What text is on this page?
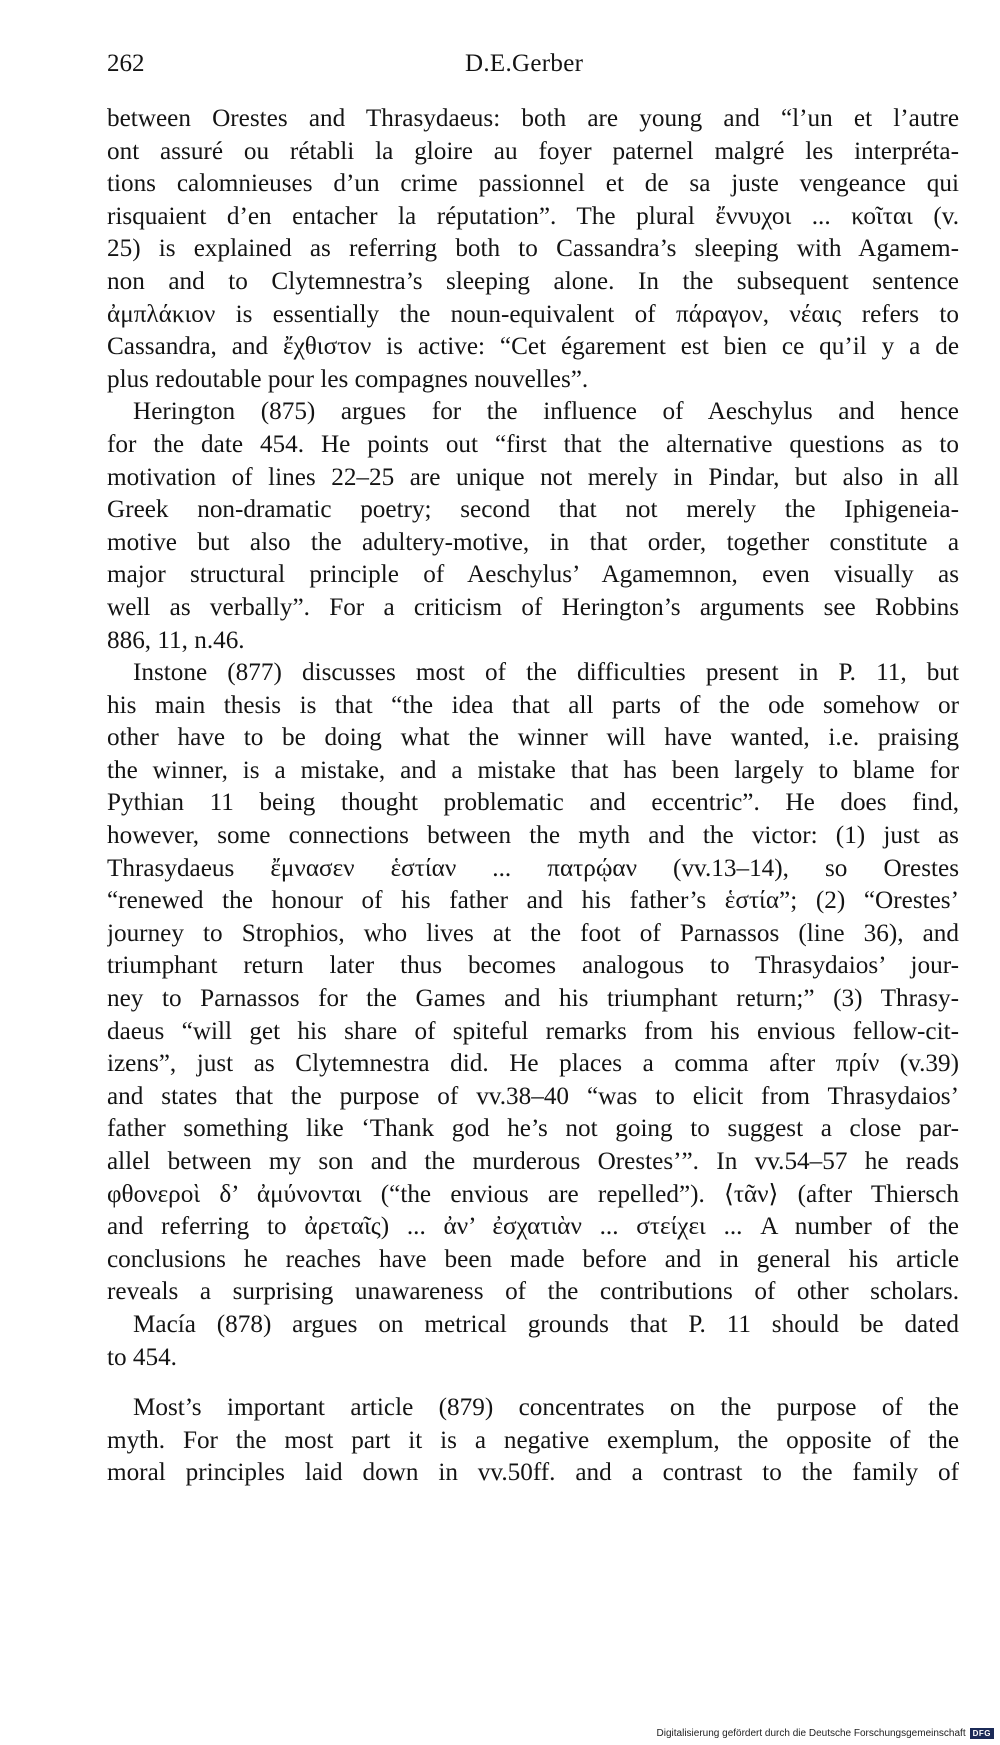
262	D.E.Gerber
between Orestes and Thrasydaeus: both are young and “l’un et l’autre
ont assuré ou rétabli la gloire au foyer paternel malgré les interpréta-
tions calomnieuses d’un crime passionnel et de sa juste vengeance qui
risquaient d’en entacher la réputation”. The plural ἔννυχοι ... κοῖται (v.
25) is explained as referring both to Cassandra’s sleeping with Agamem-
non and to Clytemnestra’s sleeping alone. In the subsequent sentence
ἀμπλάκιον is essentially the noun-equivalent of πάραγον, νέαις refers to
Cassandra, and ἔχθιστον is active: “Cet égarement est bien ce qu’il y a de
plus redoutable pour les compagnes nouvelles”.
Herington (875) argues for the influence of Aeschylus and hence
for the date 454. He points out “first that the alternative questions as to
motivation of lines 22–25 are unique not merely in Pindar, but also in all
Greek non-dramatic poetry; second that not merely the Iphigeneia-
motive but also the adultery-motive, in that order, together constitute a
major structural principle of Aeschylus’ Agamemnon, even visually as
well as verbally”. For a criticism of Herington’s arguments see Robbins
886, 11, n.46.
Instone (877) discusses most of the difficulties present in P. 11, but
his main thesis is that “the idea that all parts of the ode somehow or
other have to be doing what the winner will have wanted, i.e. praising
the winner, is a mistake, and a mistake that has been largely to blame for
Pythian 11 being thought problematic and eccentric”. He does find,
however, some connections between the myth and the victor: (1) just as
Thrasydaeus ἔμνασεν ἑστίαν ... πατρῴαν (vv.13–14), so Orestes
“renewed the honour of his father and his father’s ἑστία”; (2) “Orestes’
journey to Strophios, who lives at the foot of Parnassos (line 36), and
triumphant return later thus becomes analogous to Thrasydaios’ jour-
ney to Parnassos for the Games and his triumphant return;” (3) Thrasy-
daeus “will get his share of spiteful remarks from his envious fellow-cit-
izens”, just as Clytemnestra did. He places a comma after πρίν (v.39)
and states that the purpose of vv.38–40 “was to elicit from Thrasydaios’
father something like ‘Thank god he’s not going to suggest a close par-
allel between my son and the murderous Orestes’”. In vv.54–57 he reads
φθονεροὶ δ’ ἀμύνονται (“the envious are repelled”). ⟨τᾶν⟩ (after Thiersch
and referring to ἀρεταῖς) ... ἀν’ ἐσχατιὰν ... στείχει ... A number of the
conclusions he reaches have been made before and in general his article
reveals a surprising unawareness of the contributions of other scholars.
Macía (878) argues on metrical grounds that P. 11 should be dated
to 454.
Most’s important article (879) concentrates on the purpose of the
myth. For the most part it is a negative exemplum, the opposite of the
moral principles laid down in vv.50ff. and a contrast to the family of
Digitalisierung gefördert durch die Deutsche Forschungsgemeinschaft DFG
